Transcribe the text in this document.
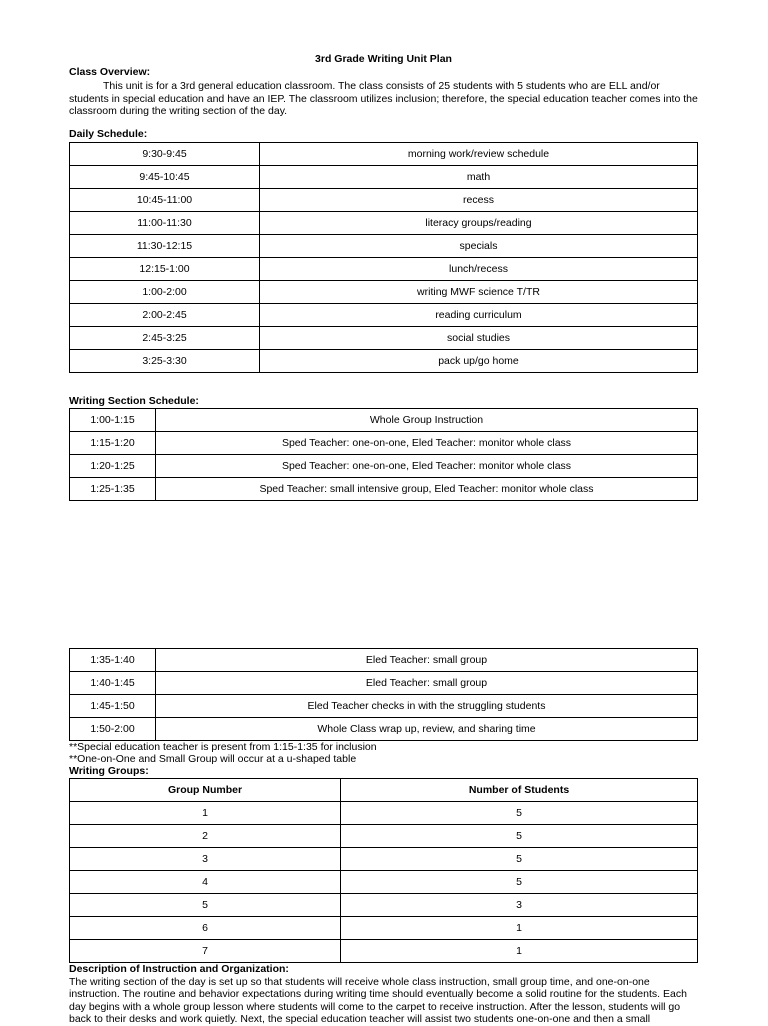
3rd Grade Writing Unit Plan

Class Overview:

This unit is for a 3rd general education classroom. The class consists of 25 students with 5 students who are ELL and/or students in special education and have an IEP. The classroom utilizes inclusion; therefore, the special education teacher comes into the classroom during the writing section of the day.

Daily Schedule:

9:30-9:45	morning work/review schedule
9:45-10:45	math
10:45-11:00	recess
11:00-11:30	literacy groups/reading
11:30-12:15	specials
12:15-1:00	lunch/recess
1:00-2:00	writing MWF science T/TR
2:00-2:45	reading curriculum
2:45-3:25	social studies
3:25-3:30	pack up/go home

Writing Section Schedule:

1:00-1:15	Whole Group Instruction
1:15-1:20	Sped Teacher: one-on-one, Eled Teacher: monitor whole class
1:20-1:25	Sped Teacher: one-on-one, Eled Teacher: monitor whole class
1:25-1:35	Sped Teacher: small intensive group, Eled Teacher: monitor whole class
1:35-1:40	Eled Teacher: small group
1:40-1:45	Eled Teacher: small group
1:45-1:50	Eled Teacher checks in with the struggling students
1:50-2:00	Whole Class wrap up, review, and sharing time

**Special education teacher is present from 1:15-1:35 for inclusion

**One-on-One and Small Group will occur at a u-shaped table

Writing Groups:

Group Number	Number of Students
1	5
2	5
3	5
4	5
5	3
6	1
7	1

Description of Instruction and Organization:

The writing section of the day is set up so that students will receive whole class instruction, small group time, and one-on-one instruction. The routine and behavior expectations during writing time should eventually become a solid routine for the students. Each day begins with a whole group lesson where students will come to the carpet to receive instruction. After the lesson, students will go back to their desks and work quietly. Next, the special education teacher will assist two students one-on-one and then a small
